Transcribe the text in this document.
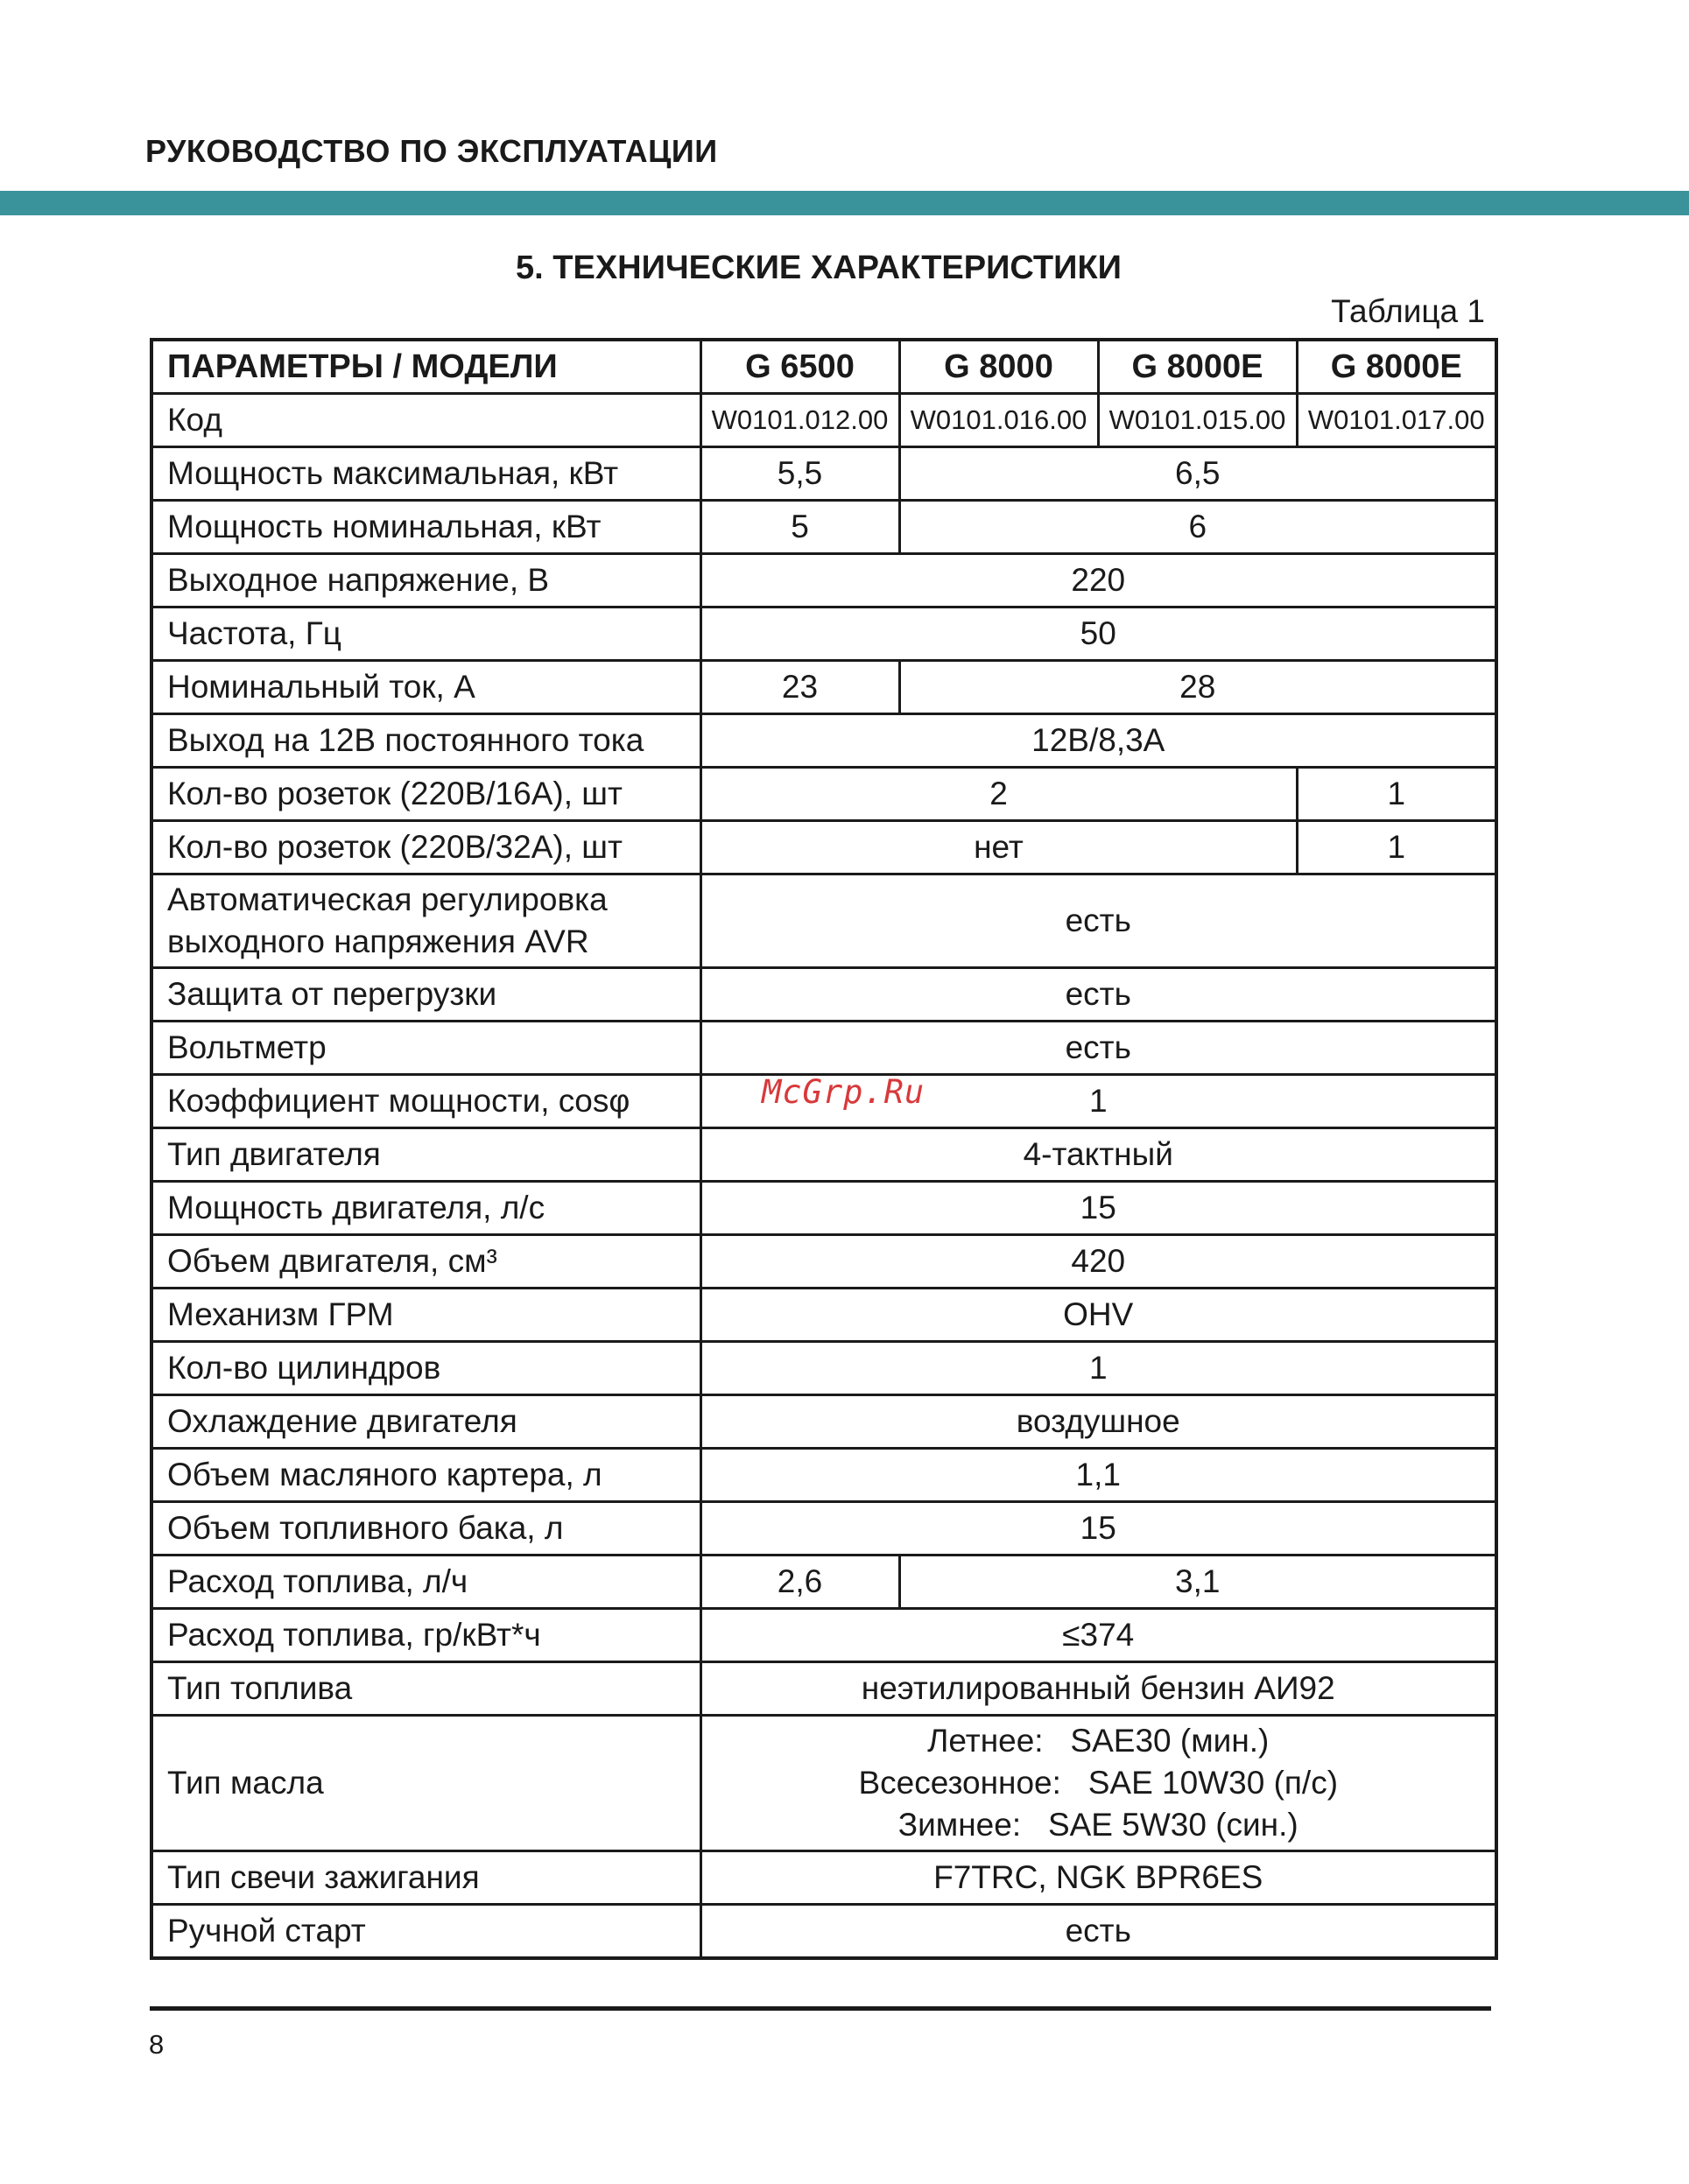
РУКОВОДСТВО ПО ЭКСПЛУАТАЦИИ
5. ТЕХНИЧЕСКИЕ ХАРАКТЕРИСТИКИ
Таблица 1
ПАРАМЕТРЫ / МОДЕЛИ	G 6500	G 8000	G 8000E	G 8000E
Код	W0101.012.00	W0101.016.00	W0101.015.00	W0101.017.00
Мощность максимальная, кВт	5,5	6,5		
Мощность номинальная, кВт	5	6		
Выходное напряжение, В	220			
Частота, Гц	50			
Номинальный ток, А	23	28		
Выход на 12В постоянного тока	12В/8,3А			
Кол-во розеток (220В/16А), шт	2			1
Кол-во розеток (220В/32А), шт	нет			1

Автоматическая регулировка
выходного напряжения AVR	есть			
Защита от перегрузки	есть			
Вольтметр	есть			
Коэффициент мощности, cosφ	1			
Тип двигателя	4-тактный			
Мощность двигателя, л/с	15			
Объем двигателя, см³	420			
Механизм ГРМ	OHV			
Кол-во цилиндров	1			
Охлаждение двигателя	воздушное			
Объем масляного картера, л	1,1			
Объем топливного бака, л	15			
Расход топлива, л/ч	2,6	3,1		
Расход топлива, гр/кВт*ч	≤374			
Тип топлива	неэтилированный бензин АИ92			
Тип масла	Летнее:   SAE30 (мин.)
Всесезонное:   SAE 10W30 (п/с)
Зимнее:   SAE 5W30 (син.)			

Тип свечи зажигания	F7TRC, NGK BPR6ES			
Ручной старт	есть			
McGrp.Ru
8
